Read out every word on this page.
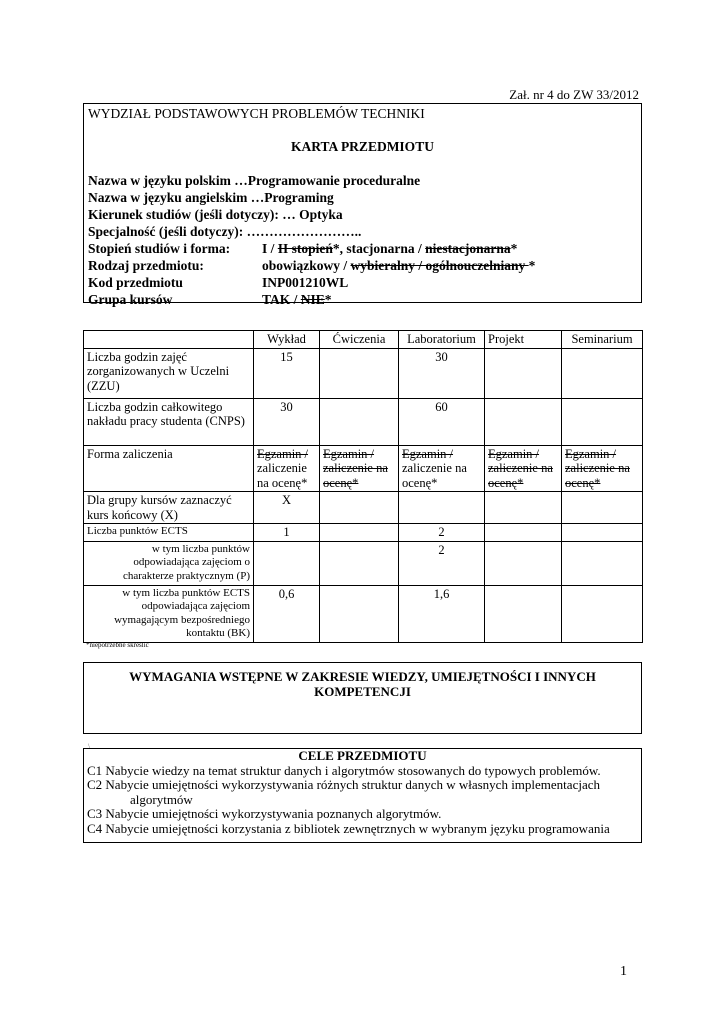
Zał. nr 4 do ZW 33/2012
WYDZIAŁ PODSTAWOWYCH PROBLEMÓW TECHNIKI
KARTA PRZEDMIOTU
Nazwa w języku polskim …Programowanie proceduralne
Nazwa w języku angielskim …Programing
Kierunek studiów (jeśli dotyczy): … Optyka
Specjalność (jeśli dotyczy): ……………………..
Stopień studiów i forma: I / II stopień*, stacjonarna / niestacjonarna*
Rodzaj przedmiotu:	obowiązkowy / wybieralny / ogólnouczelniany *
Kod przedmiotu	INP001210WL
Grupa kursów	TAK / NIE*
	Wykład	Ćwiczenia	Laboratorium	Projekt	Seminarium
Liczba godzin zajęć zorganizowanych w Uczelni (ZZU)	15		30		
Liczba godzin całkowitego nakładu pracy studenta (CNPS)	30		60		
Forma zaliczenia	Egzamin /
zaliczenie
na ocenę*	Egzamin /
zaliczenie na
ocenę*	Egzamin /
zaliczenie na
ocenę*	Egzamin /
zaliczenie na
ocenę*	Egzamin /
zaliczenie na
ocenę*
Dla grupy kursów zaznaczyć kurs końcowy (X)	X				
Liczba punktów ECTS	1		2		
w tym liczba punktów odpowiadająca zajęciom o charakterze praktycznym (P)			2		
w tym liczba punktów ECTS odpowiadająca zajęciom wymagającym bezpośredniego kontaktu (BK)	0,6		1,6		
*niepotrzebne skreślić
WYMAGANIA WSTĘPNE W ZAKRESIE WIEDZY, UMIEJĘTNOŚCI I INNYCH KOMPETENCJI
\
CELE PRZEDMIOTU
C1 Nabycie wiedzy na temat struktur danych i algorytmów stosowanych do typowych problemów.
C2 Nabycie umiejętności wykorzystywania różnych struktur danych w własnych implementacjach
algorytmów
C3 Nabycie umiejętności wykorzystywania poznanych algorytmów.
C4 Nabycie umiejętności korzystania z bibliotek zewnętrznych w wybranym języku programowania
1
